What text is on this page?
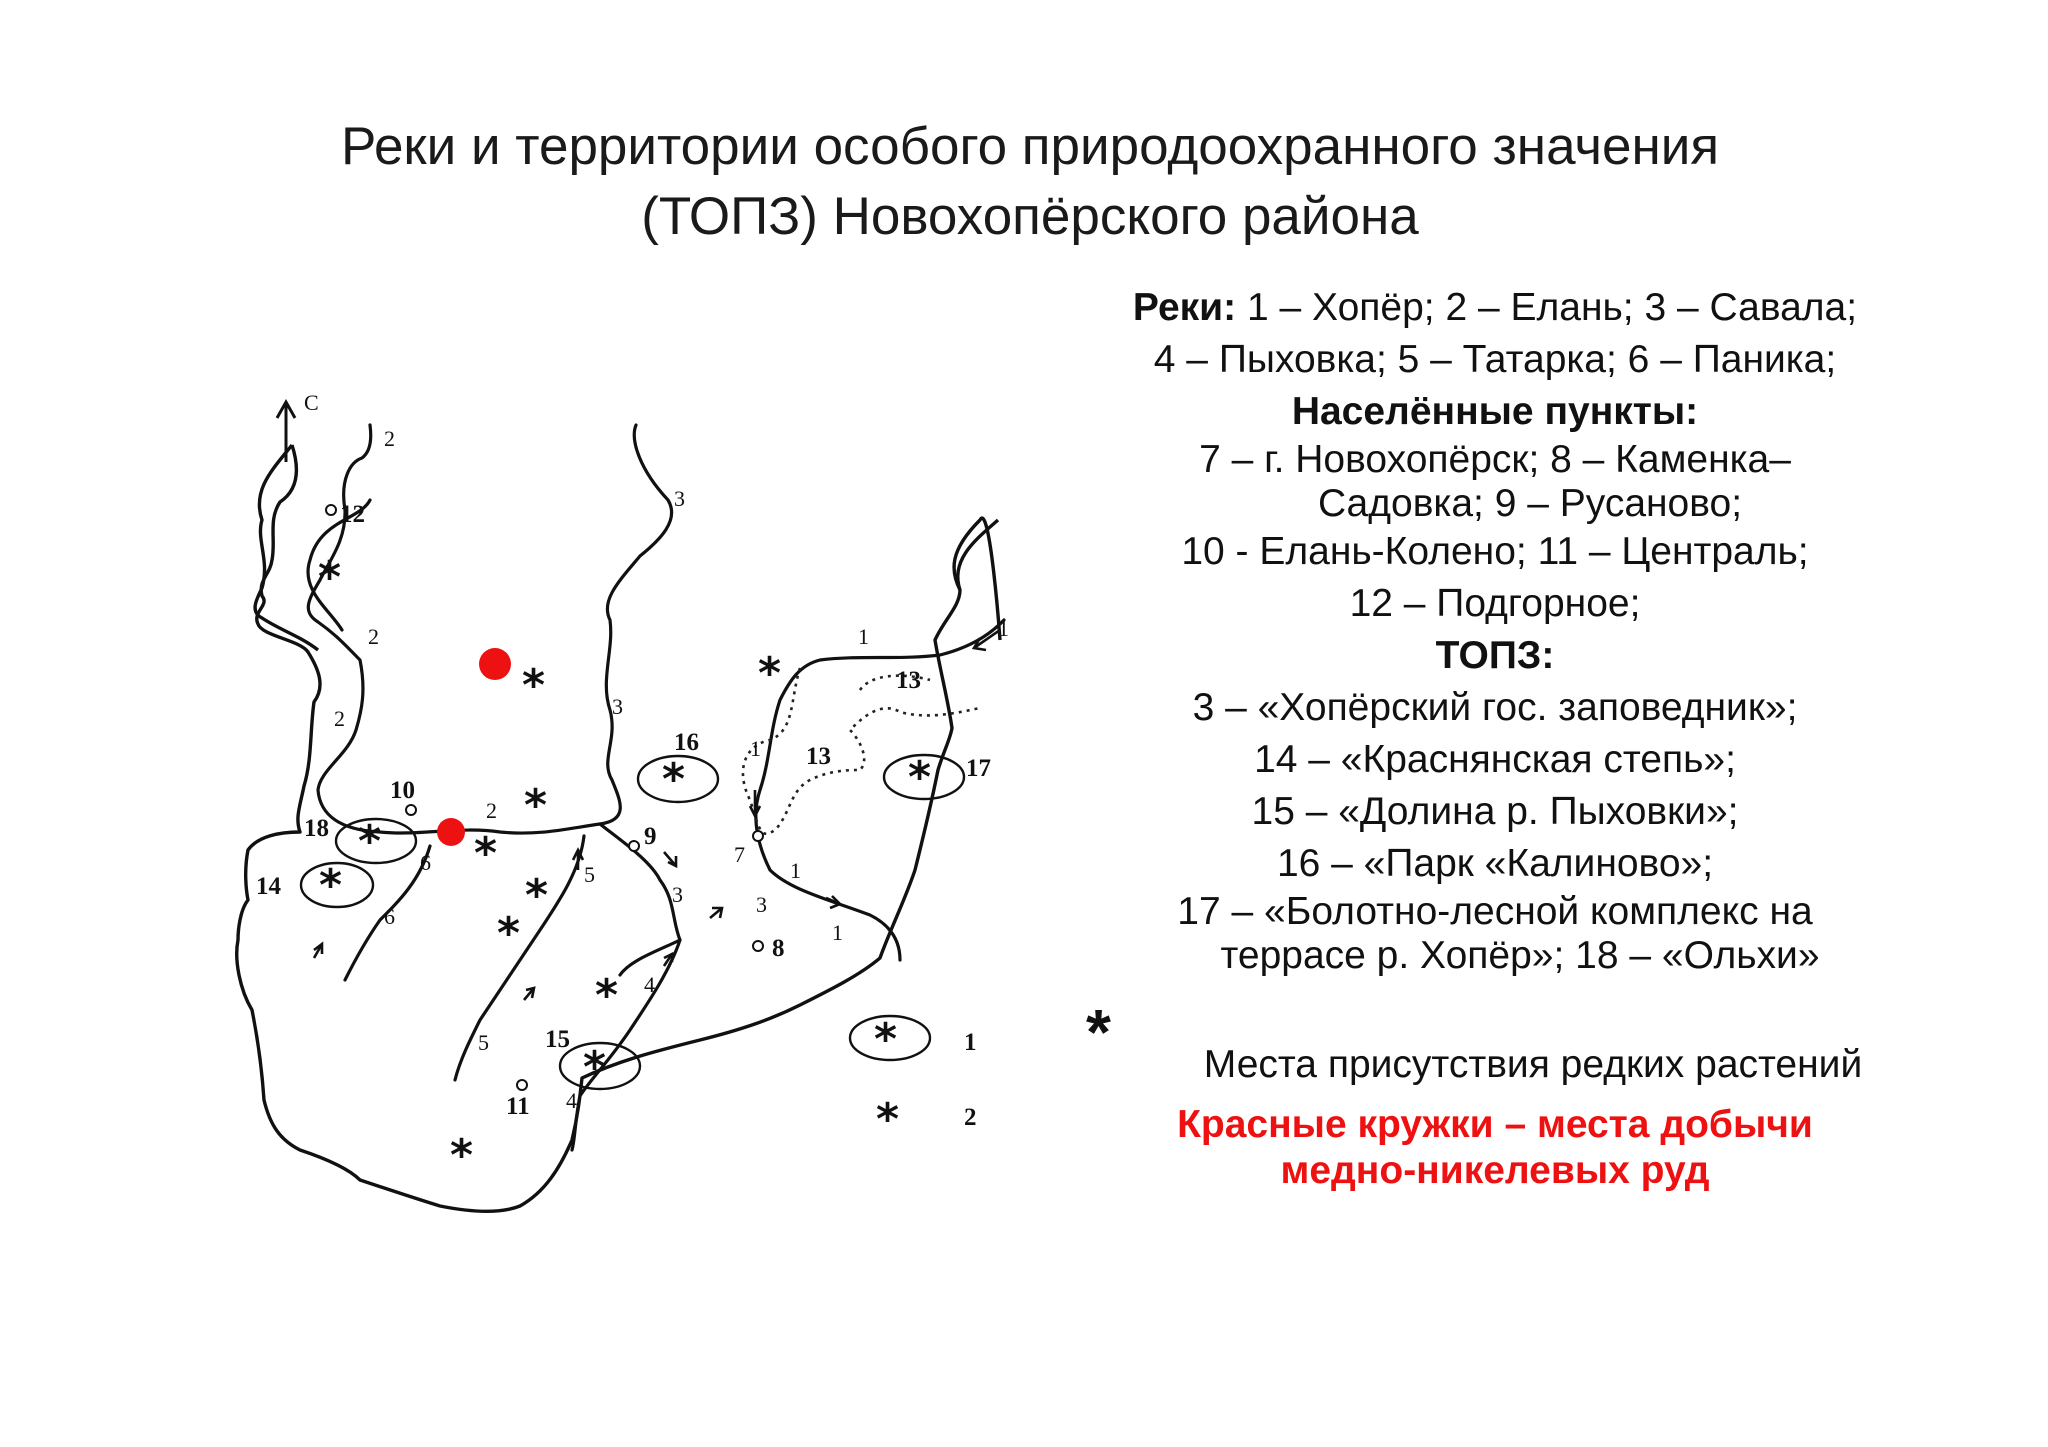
Реки и территории особого природоохранного значения
(ТОПЗ) Новохопёрского района
С
*
*	*
*
*
*
*	*
*
*	*
*
*
*
*
*
2
2
2
2
3
3
3	3
1	1
1
1
1
4
4
5
5
6
6
12
10
9
7
8
11
13
13
14
15
16
17
18
1
2
Реки: 1 – Хопёр; 2 – Елань; 3 – Савала;
4 – Пыховка; 5 – Татарка; 6 – Паника;
Населённые пункты:
7 – г. Новохопёрск; 8 – Каменка–
Садовка; 9 – Русаново;
10 - Елань-Колено; 11 – Централь;
12 – Подгорное;
ТОПЗ:
3 – «Хопёрский гос. заповедник»;
14 – «Краснянская степь»;
15 – «Долина р. Пыховки»;
16 – «Парк «Калиново»;
17 – «Болотно-лесной комплекс на
террасе р. Хопёр»; 18 – «Ольхи»
*	Места присутствия редких растений
Красные кружки – места добычи
медно-никелевых руд
